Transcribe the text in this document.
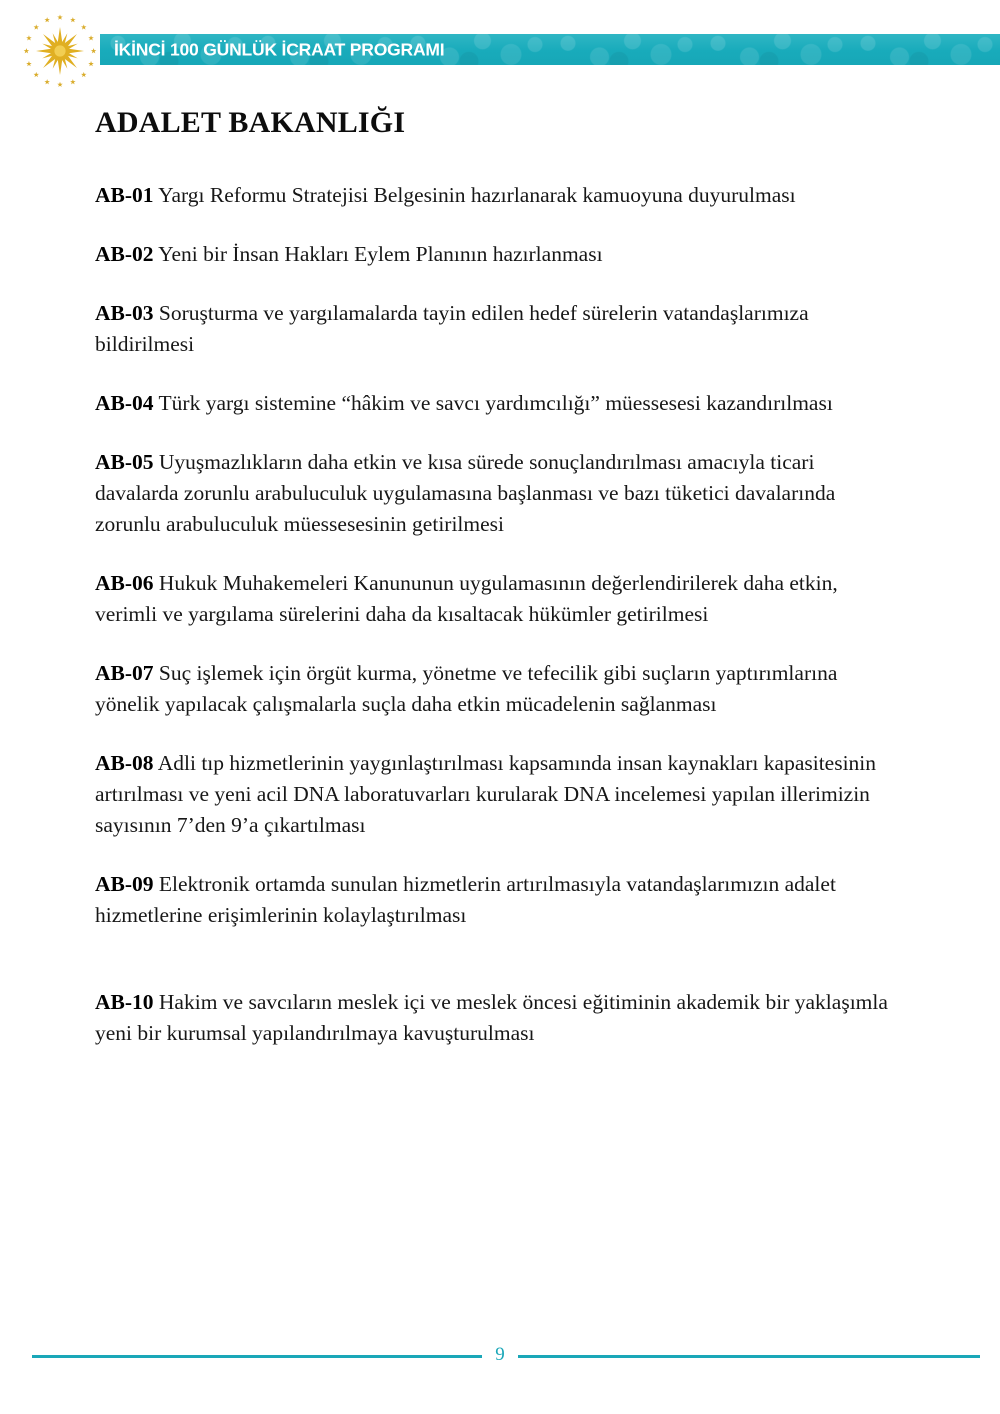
İKİNCİ 100 GÜNLÜK İCRAAT PROGRAMI
ADALET BAKANLIĞI
AB-01 Yargı Reformu Stratejisi Belgesinin hazırlanarak kamuoyuna duyurulması
AB-02 Yeni bir İnsan Hakları Eylem Planının hazırlanması
AB-03 Soruşturma ve yargılamalarda tayin edilen hedef sürelerin vatandaşlarımıza bildirilmesi
AB-04 Türk yargı sistemine “hâkim ve savcı yardımcılığı” müessesesi kazandırılması
AB-05 Uyuşmazlıkların daha etkin ve kısa sürede sonuçlandırılması amacıyla ticari davalarda zorunlu arabuluculuk uygulamasına başlanması ve bazı tüketici davalarında zorunlu arabuluculuk müessesesinin getirilmesi
AB-06 Hukuk Muhakemeleri Kanununun uygulamasının değerlendirilerek daha etkin, verimli ve yargılama sürelerini daha da kısaltacak hükümler getirilmesi
AB-07 Suç işlemek için örgüt kurma, yönetme ve tefecilik gibi suçların yaptırımlarına yönelik yapılacak çalışmalarla suçla daha etkin mücadelenin sağlanması
AB-08 Adli tıp hizmetlerinin yaygınlaştırılması kapsamında insan kaynakları kapasitesinin artırılması ve yeni acil DNA laboratuvarları kurularak DNA incelemesi yapılan illerimizin sayısının 7’den 9’a çıkartılması
AB-09 Elektronik ortamda sunulan hizmetlerin artırılmasıyla vatandaşlarımızın adalet hizmetlerine erişimlerinin kolaylaştırılması
AB-10 Hakim ve savcıların meslek içi ve meslek öncesi eğitiminin akademik bir yaklaşımla yeni bir kurumsal yapılandırılmaya kavuşturulması
9
